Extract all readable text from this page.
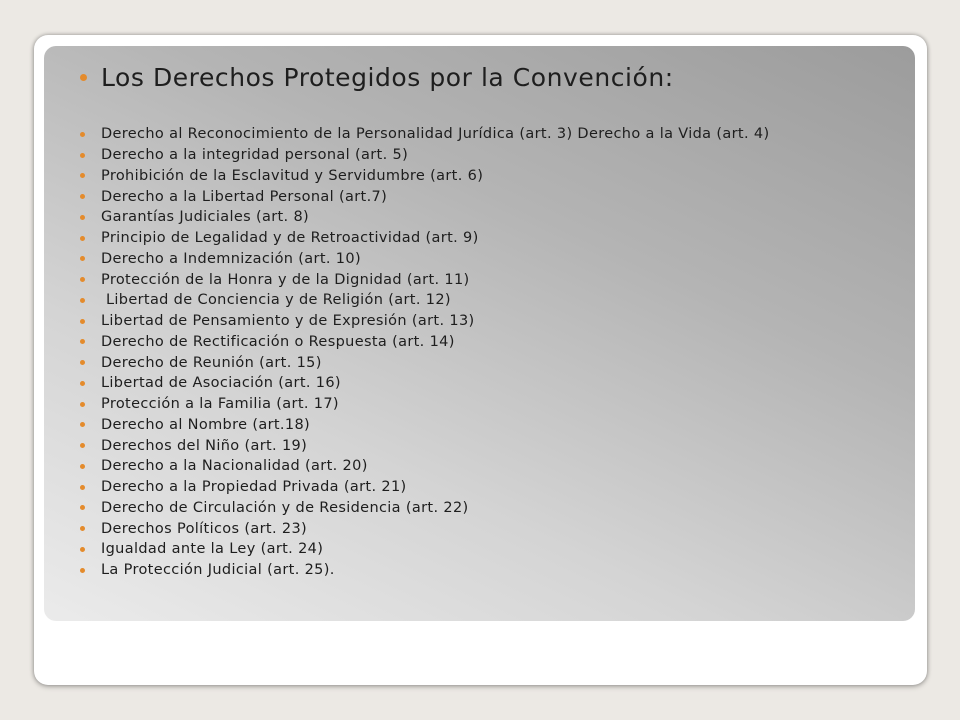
Los Derechos Protegidos por la Convención:
Derecho al Reconocimiento de la Personalidad Jurídica (art. 3) Derecho a la Vida (art. 4)
Derecho a la integridad personal (art. 5)
Prohibición de la Esclavitud y Servidumbre (art. 6)
Derecho a la Libertad Personal (art.7)
Garantías Judiciales (art. 8)
Principio de Legalidad y de Retroactividad (art. 9)
Derecho a Indemnización (art. 10)
Protección de la Honra y de la Dignidad (art. 11)
Libertad de Conciencia y de Religión (art. 12)
Libertad de Pensamiento y de Expresión (art. 13)
Derecho de Rectificación o Respuesta (art. 14)
Derecho de Reunión (art. 15)
Libertad de Asociación (art. 16)
Protección a la Familia (art. 17)
Derecho al Nombre (art.18)
Derechos del Niño (art. 19)
Derecho a la Nacionalidad (art. 20)
Derecho a la Propiedad Privada (art. 21)
Derecho de Circulación y de Residencia (art. 22)
Derechos Políticos (art. 23)
Igualdad ante la Ley (art. 24)
La Protección Judicial (art. 25).
